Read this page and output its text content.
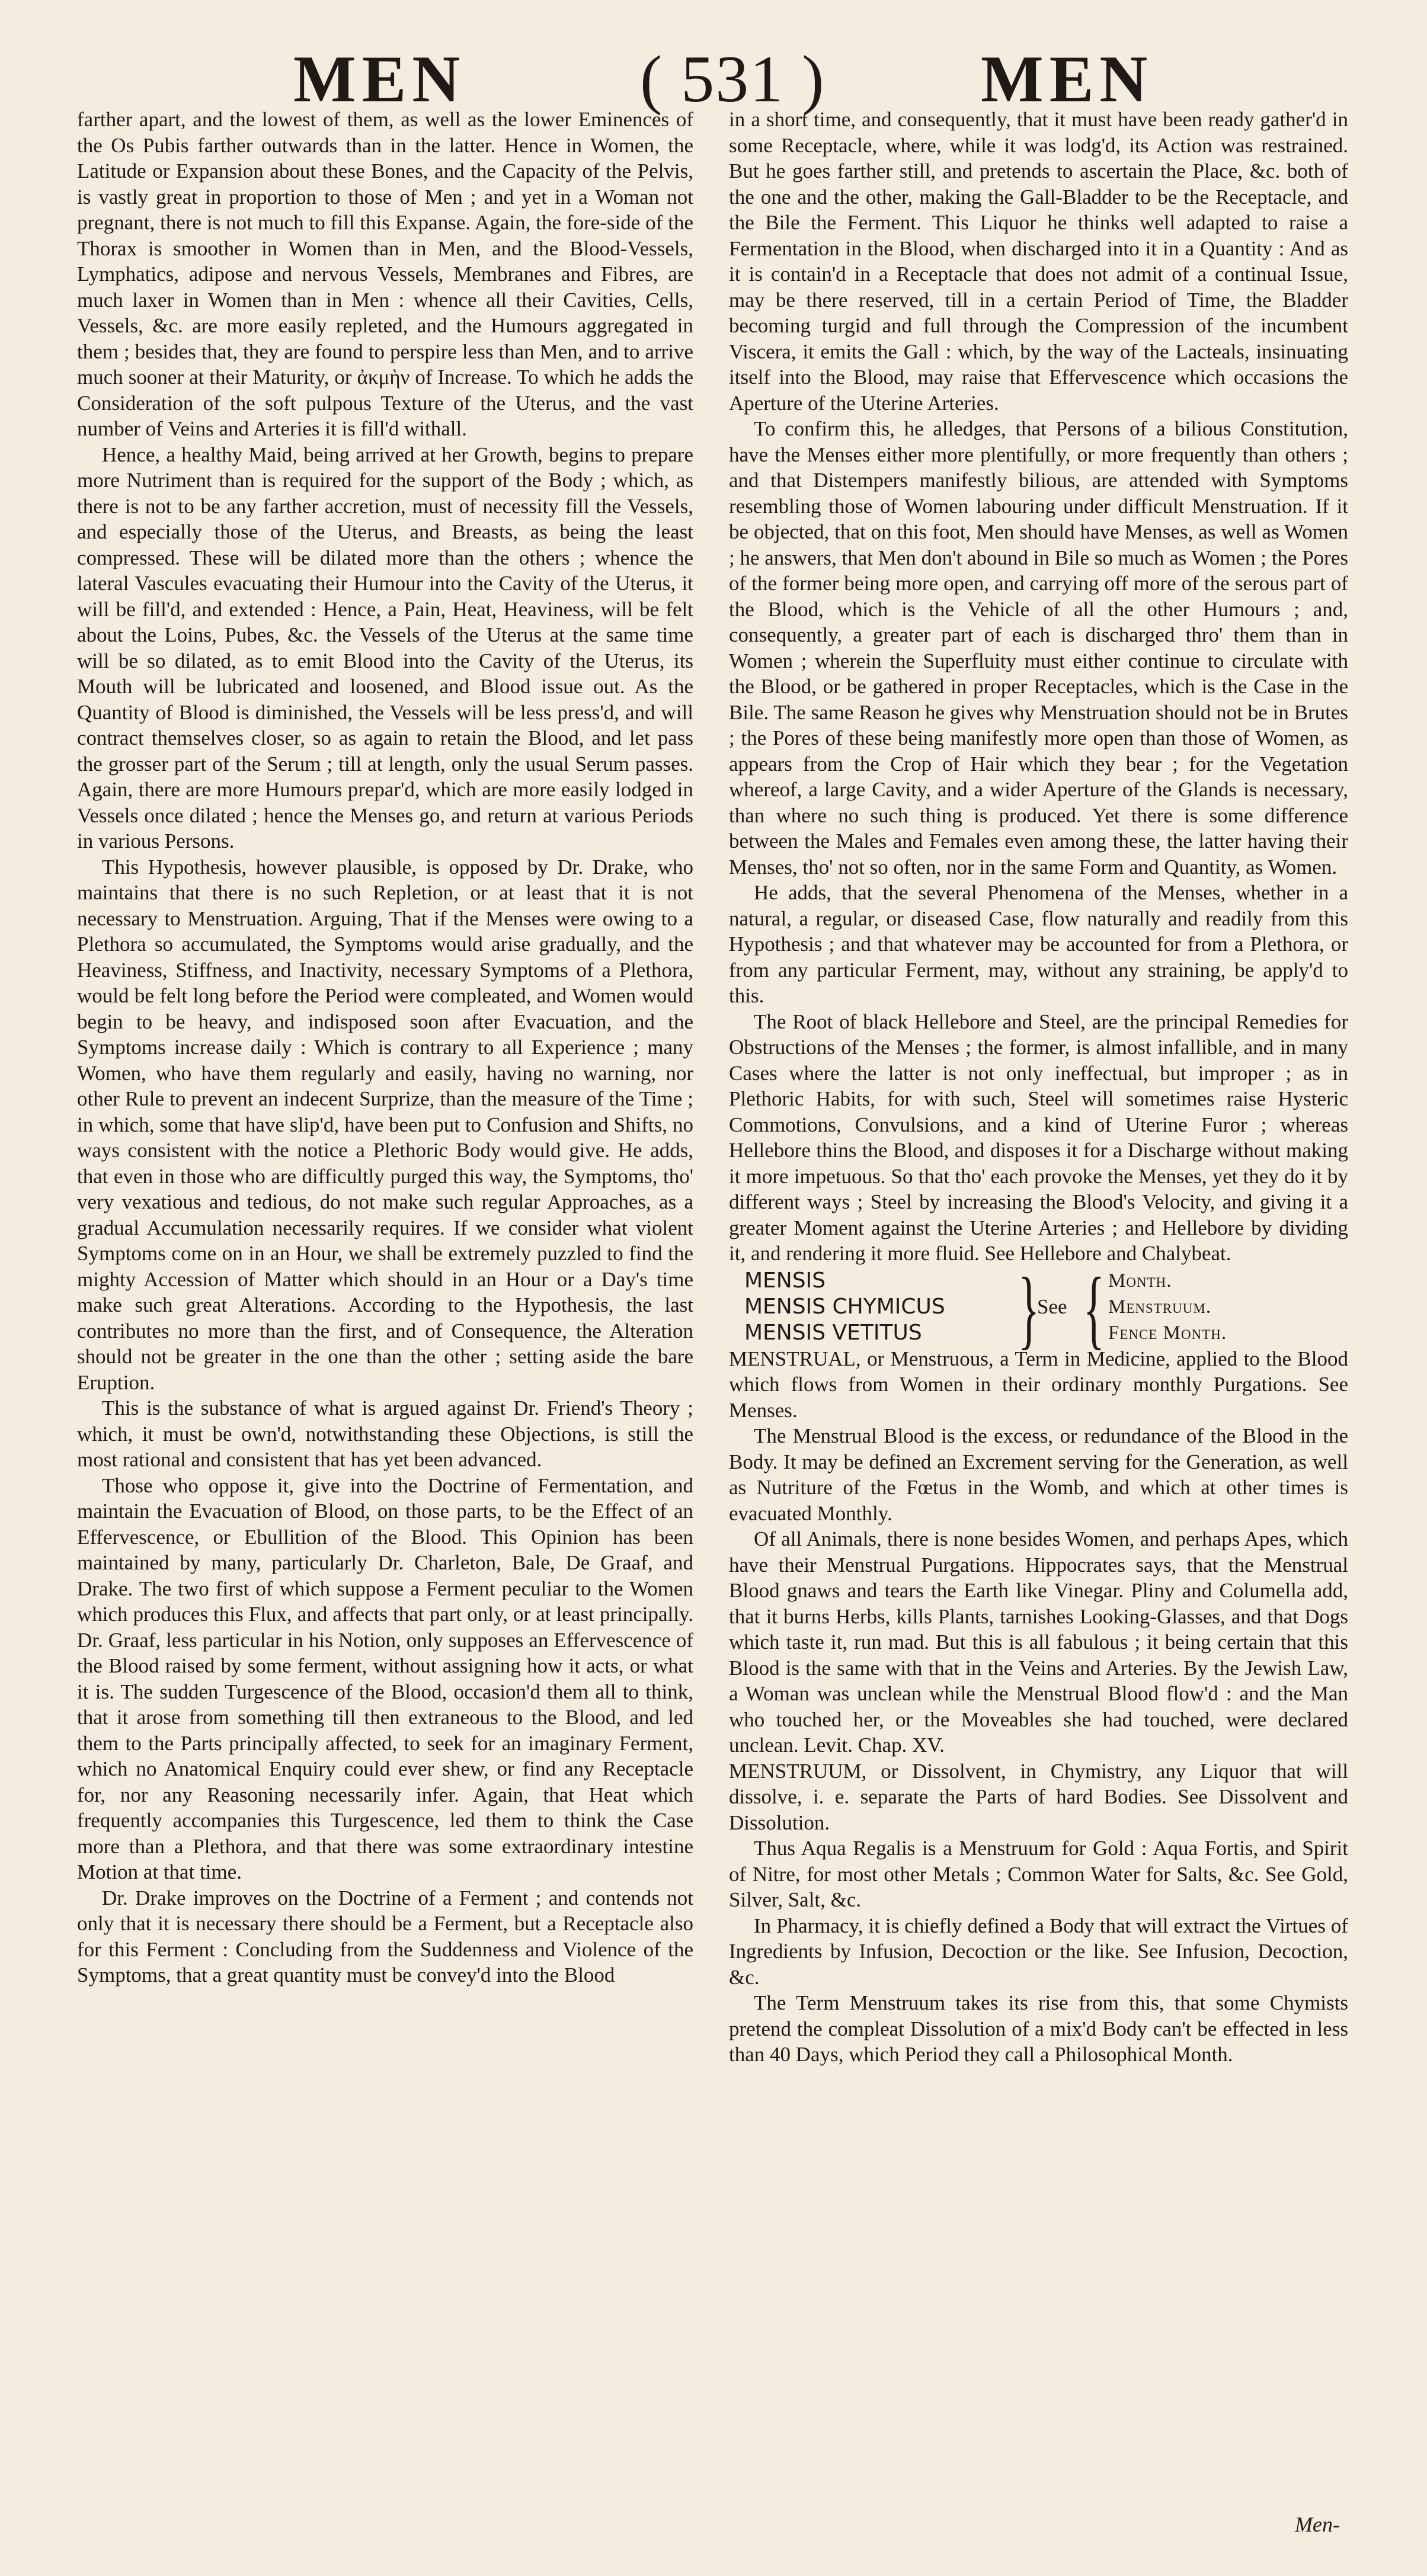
MEN	( 531 ) MEN

farther apart, and the lowest of them, as well as the lower Eminences of the Os Pubis farther outwards than in the latter. Hence in Women, the Latitude or Expansion about these Bones, and the Capacity of the Pelvis, is vastly great in proportion to those of Men ; and yet in a Woman not pregnant, there is not much to fill this Expanse. Again, the fore-side of the Thorax is smoother in Women than in Men, and the Blood-Vessels, Lymphatics, adipose and nervous Vessels, Membranes and Fibres, are much laxer in Women than in Men : whence all their Cavities, Cells, Vessels, &c. are more easily repleted, and the Humours aggregated in them ; besides that, they are found to perspire less than Men, and to arrive much sooner at their Maturity, or ἀκμὴν of Increase. To which he adds the Consideration of the soft pulpous Texture of the Uterus, and the vast number of Veins and Arteries it is fill'd withall.

Hence, a healthy Maid, being arrived at her Growth, begins to prepare more Nutriment than is required for the support of the Body ; which, as there is not to be any farther accretion, must of necessity fill the Vessels, and especially those of the Uterus, and Breasts, as being the least compressed. These will be dilated more than the others ; whence the lateral Vascules evacuating their Humour into the Cavity of the Uterus, it will be fill'd, and extended : Hence, a Pain, Heat, Heaviness, will be felt about the Loins, Pubes, &c. the Vessels of the Uterus at the same time will be so dilated, as to emit Blood into the Cavity of the Uterus, its Mouth will be lubricated and loosened, and Blood issue out. As the Quantity of Blood is diminished, the Vessels will be less press'd, and will contract themselves closer, so as again to retain the Blood, and let pass the grosser part of the Serum ; till at length, only the usual Serum passes. Again, there are more Humours prepar'd, which are more easily lodged in Vessels once dilated ; hence the Menses go, and return at various Periods in various Persons.

This Hypothesis, however plausible, is opposed by Dr. Drake, who maintains that there is no such Repletion, or at least that it is not necessary to Menstruation. Arguing, That if the Menses were owing to a Plethora so accumulated, the Symptoms would arise gradually, and the Heaviness, Stiffness, and Inactivity, necessary Symptoms of a Plethora, would be felt long before the Period were compleated, and Women would begin to be heavy, and indisposed soon after Evacuation, and the Symptoms increase daily : Which is contrary to all Experience ; many Women, who have them regularly and easily, having no warning, nor other Rule to prevent an indecent Surprize, than the measure of the Time ; in which, some that have slip'd, have been put to Confusion and Shifts, no ways consistent with the notice a Plethoric Body would give. He adds, that even in those who are difficultly purged this way, the Symptoms, tho' very vexatious and tedious, do not make such regular Approaches, as a gradual Accumulation necessarily requires. If we consider what violent Symptoms come on in an Hour, we shall be extremely puzzled to find the mighty Accession of Matter which should in an Hour or a Day's time make such great Alterations. According to the Hypothesis, the last contributes no more than the first, and of Consequence, the Alteration should not be greater in the one than the other ; setting aside the bare Eruption.

This is the substance of what is argued against Dr. Friend's Theory ; which, it must be own'd, notwithstanding these Objections, is still the most rational and consistent that has yet been advanced.

Those who oppose it, give into the Doctrine of Fermentation, and maintain the Evacuation of Blood, on those parts, to be the Effect of an Effervescence, or Ebullition of the Blood. This Opinion has been maintained by many, particularly Dr. Charleton, Bale, De Graaf, and Drake. The two first of which suppose a Ferment peculiar to the Women which produces this Flux, and affects that part only, or at least principally. Dr. Graaf, less particular in his Notion, only supposes an Effervescence of the Blood raised by some ferment, without assigning how it acts, or what it is. The sudden Turgescence of the Blood, occasion'd them all to think, that it arose from something till then extraneous to the Blood, and led them to the Parts principally affected, to seek for an imaginary Ferment, which no Anatomical Enquiry could ever shew, or find any Receptacle for, nor any Reasoning necessarily infer. Again, that Heat which frequently accompanies this Turgescence, led them to think the Case more than a Plethora, and that there was some extraordinary intestine Motion at that time.

Dr. Drake improves on the Doctrine of a Ferment ; and contends not only that it is necessary there should be a Ferment, but a Receptacle also for this Ferment : Concluding from the Suddenness and Violence of the Symptoms, that a great quantity must be convey'd into the Blood

in a short time, and consequently, that it must have been ready gather'd in some Receptacle, where, while it was lodg'd, its Action was restrained. But he goes farther still, and pretends to ascertain the Place, &c. both of the one and the other, making the Gall-Bladder to be the Receptacle, and the Bile the Ferment. This Liquor he thinks well adapted to raise a Fermentation in the Blood, when discharged into it in a Quantity : And as it is contain'd in a Receptacle that does not admit of a continual Issue, may be there reserved, till in a certain Period of Time, the Bladder becoming turgid and full through the Compression of the incumbent Viscera, it emits the Gall : which, by the way of the Lacteals, insinuating itself into the Blood, may raise that Effervescence which occasions the Aperture of the Uterine Arteries.

To confirm this, he alledges, that Persons of a bilious Constitution, have the Menses either more plentifully, or more frequently than others ; and that Distempers manifestly bilious, are attended with Symptoms resembling those of Women labouring under difficult Menstruation. If it be objected, that on this foot, Men should have Menses, as well as Women ; he answers, that Men don't abound in Bile so much as Women ; the Pores of the former being more open, and carrying off more of the serous part of the Blood, which is the Vehicle of all the other Humours ; and, consequently, a greater part of each is discharged thro' them than in Women ; wherein the Superfluity must either continue to circulate with the Blood, or be gathered in proper Receptacles, which is the Case in the Bile. The same Reason he gives why Menstruation should not be in Brutes ; the Pores of these being manifestly more open than those of Women, as appears from the Crop of Hair which they bear ; for the Vegetation whereof, a large Cavity, and a wider Aperture of the Glands is necessary, than where no such thing is produced. Yet there is some difference between the Males and Females even among these, the latter having their Menses, tho' not so often, nor in the same Form and Quantity, as Women.

He adds, that the several Phenomena of the Menses, whether in a natural, a regular, or diseased Case, flow naturally and readily from this Hypothesis ; and that whatever may be accounted for from a Plethora, or from any particular Ferment, may, without any straining, be apply'd to this.

The Root of black Hellebore and Steel, are the principal Remedies for Obstructions of the Menses ; the former, is almost infallible, and in many Cases where the latter is not only ineffectual, but improper ; as in Plethoric Habits, for with such, Steel will sometimes raise Hysteric Commotions, Convulsions, and a kind of Uterine Furor ; whereas Hellebore thins the Blood, and disposes it for a Discharge without making it more impetuous. So that tho' each provoke the Menses, yet they do it by different ways ; Steel by increasing the Blood's Velocity, and giving it a greater Moment against the Uterine Arteries ; and Hellebore by dividing it, and rendering it more fluid. See Hellebore and Chalybeat.

MENSIS
MENSIS CHYMICUS
MENSIS VETITUS }
See { Month.
Menstruum.
Fence Month.

MENSTRUAL, or Menstruous, a Term in Medicine, applied to the Blood which flows from Women in their ordinary monthly Purgations. See Menses.

The Menstrual Blood is the excess, or redundance of the Blood in the Body. It may be defined an Excrement serving for the Generation, as well as Nutriture of the Fœtus in the Womb, and which at other times is evacuated Monthly.

Of all Animals, there is none besides Women, and perhaps Apes, which have their Menstrual Purgations. Hippocrates says, that the Menstrual Blood gnaws and tears the Earth like Vinegar. Pliny and Columella add, that it burns Herbs, kills Plants, tarnishes Looking-Glasses, and that Dogs which taste it, run mad. But this is all fabulous ; it being certain that this Blood is the same with that in the Veins and Arteries. By the Jewish Law, a Woman was unclean while the Menstrual Blood flow'd : and the Man who touched her, or the Moveables she had touched, were declared unclean. Levit. Chap. XV.

MENSTRUUM, or Dissolvent, in Chymistry, any Liquor that will dissolve, i. e. separate the Parts of hard Bodies. See Dissolvent and Dissolution.

Thus Aqua Regalis is a Menstruum for Gold : Aqua Fortis, and Spirit of Nitre, for most other Metals ; Common Water for Salts, &c. See Gold, Silver, Salt, &c.

In Pharmacy, it is chiefly defined a Body that will extract the Virtues of Ingredients by Infusion, Decoction or the like. See Infusion, Decoction, &c.

The Term Menstruum takes its rise from this, that some Chymists pretend the compleat Dissolution of a mix'd Body can't be effected in less than 40 Days, which Period they call a Philosophical Month.

Men-
